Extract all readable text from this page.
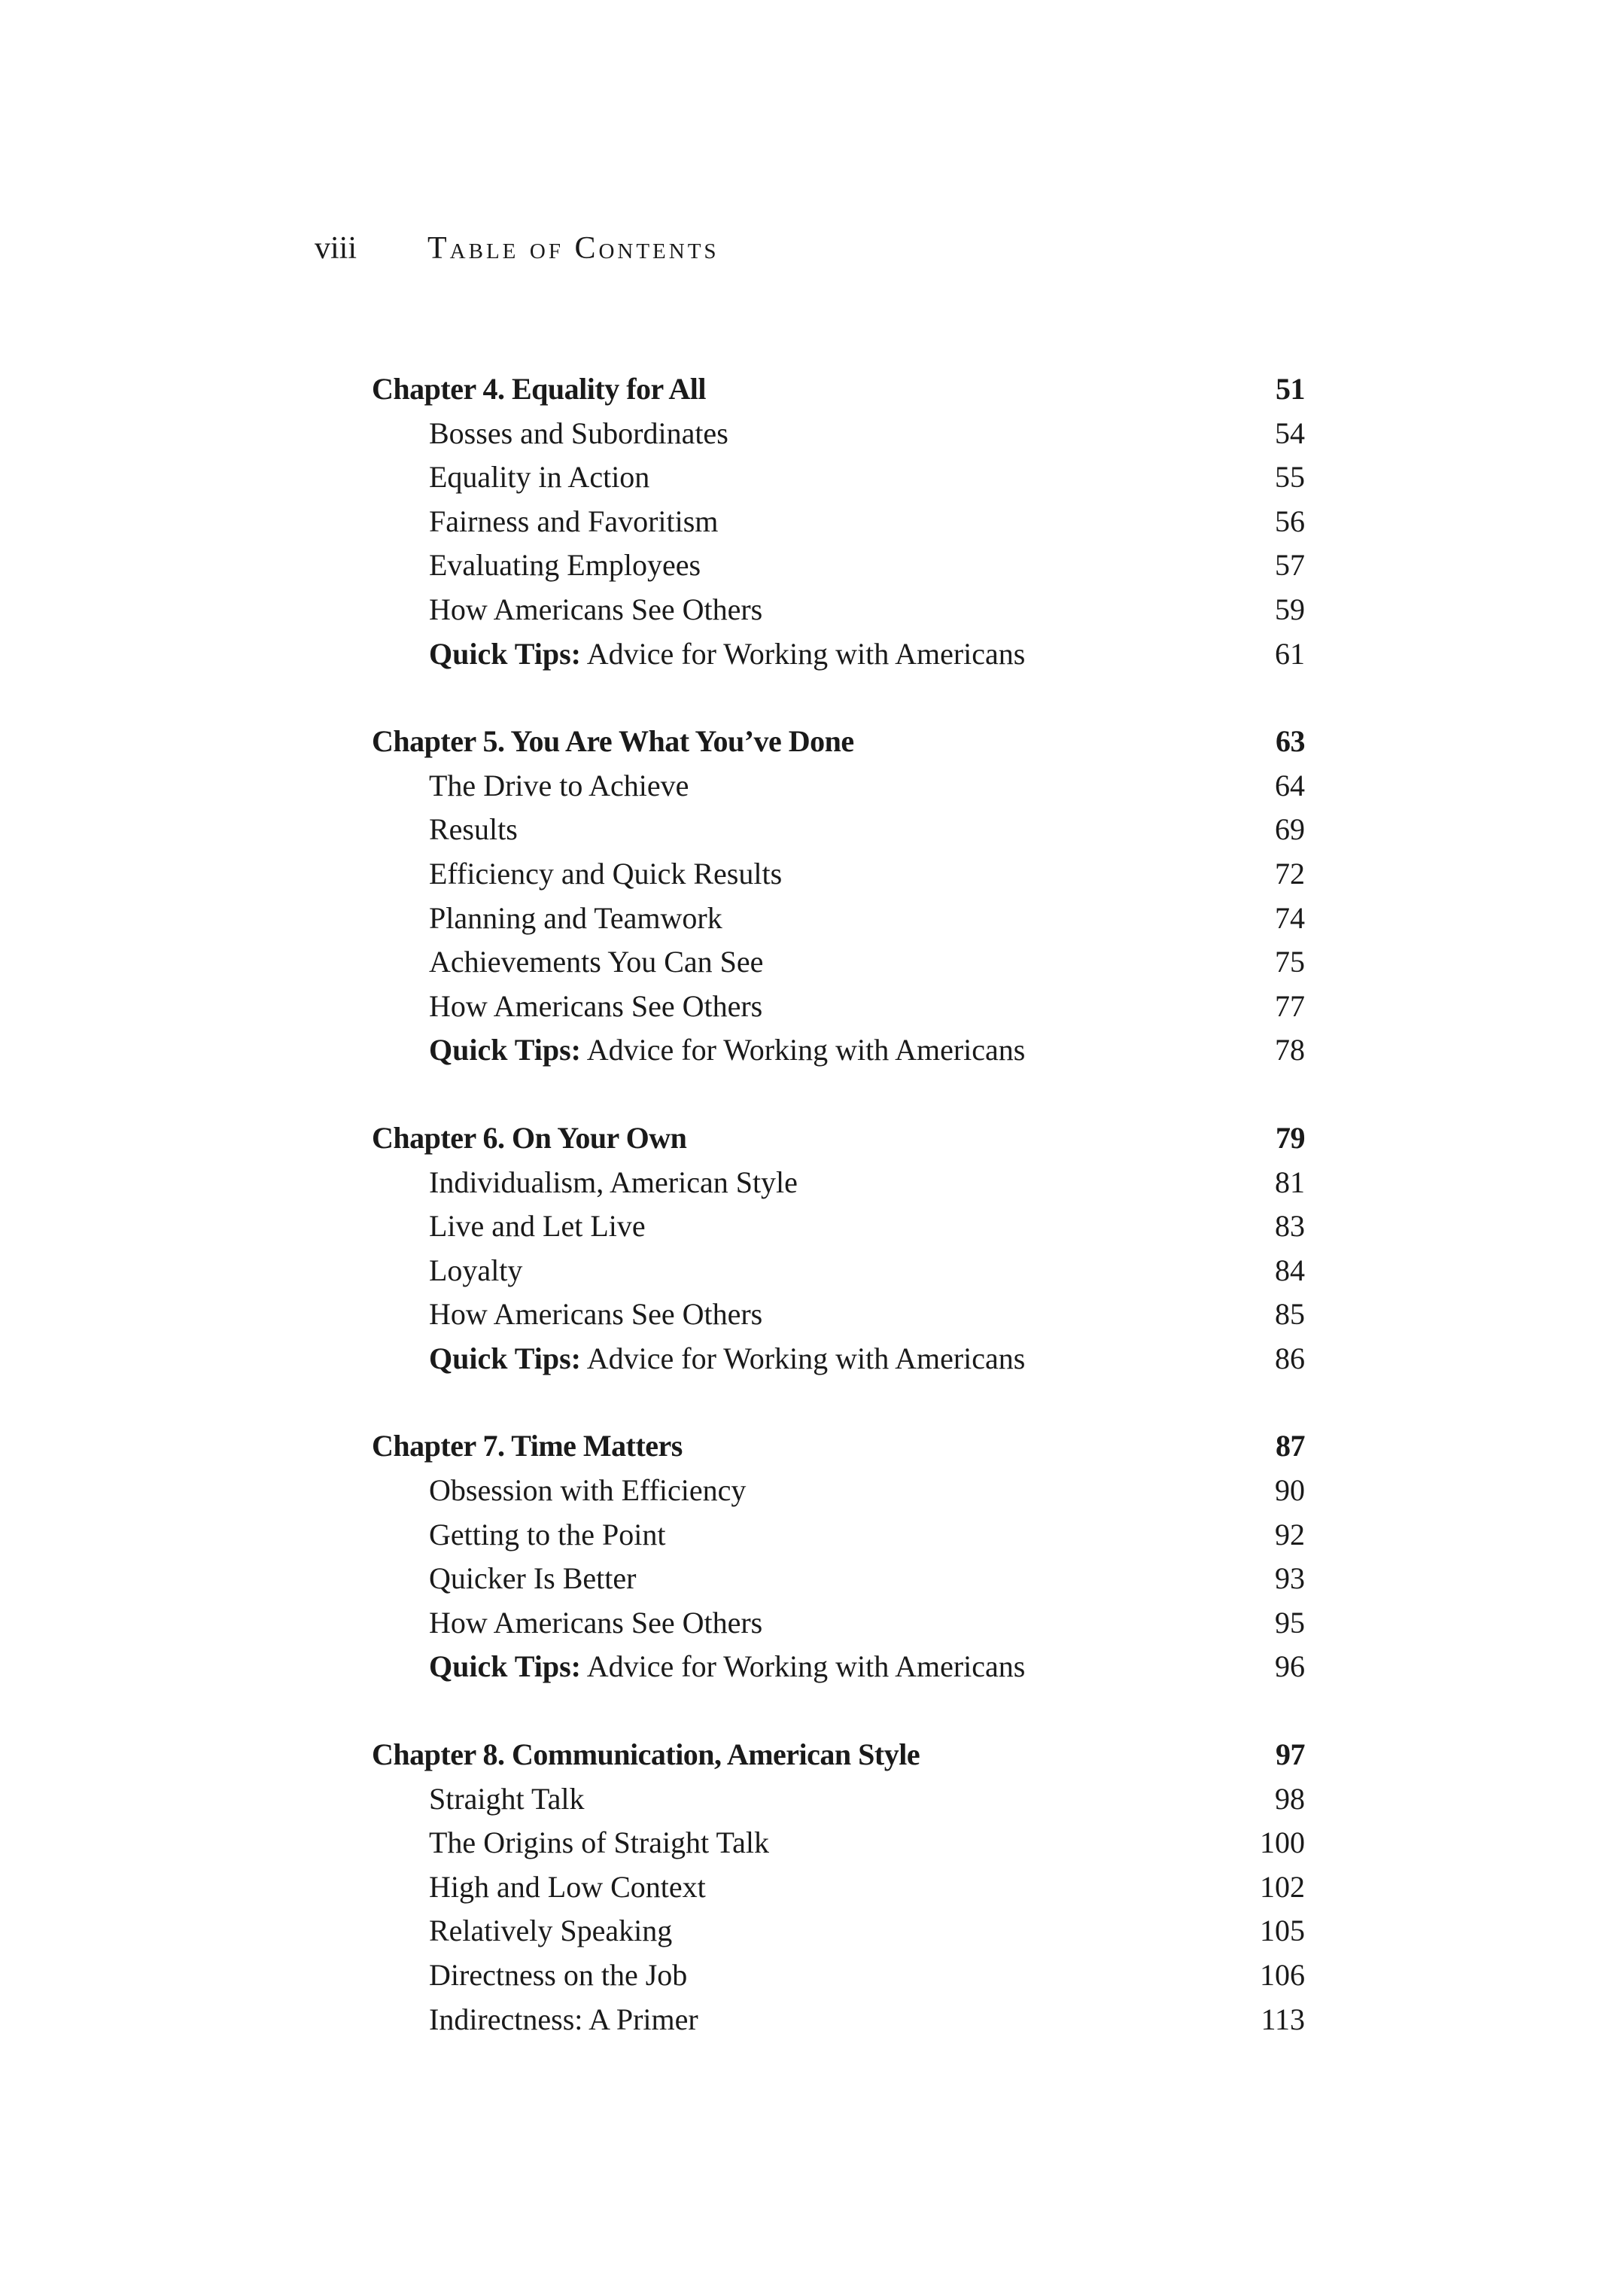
viii Table of Contents
Chapter 4. Equality for All	51
Bosses and Subordinates	54
Equality in Action	55
Fairness and Favoritism	56
Evaluating Employees	57
How Americans See Others	59
Quick Tips: Advice for Working with Americans	61
Chapter 5. You Are What You’ve Done	63
The Drive to Achieve	64
Results	69
Efficiency and Quick Results	72
Planning and Teamwork	74
Achievements You Can See	75
How Americans See Others	77
Quick Tips: Advice for Working with Americans	78
Chapter 6. On Your Own	79
Individualism, American Style	81
Live and Let Live	83
Loyalty	84
How Americans See Others	85
Quick Tips: Advice for Working with Americans	86
Chapter 7. Time Matters	87
Obsession with Efficiency	90
Getting to the Point	92
Quicker Is Better	93
How Americans See Others	95
Quick Tips: Advice for Working with Americans	96
Chapter 8. Communication, American Style	97
Straight Talk	98
The Origins of Straight Talk	100
High and Low Context	102
Relatively Speaking	105
Directness on the Job	106
Indirectness: A Primer	113
